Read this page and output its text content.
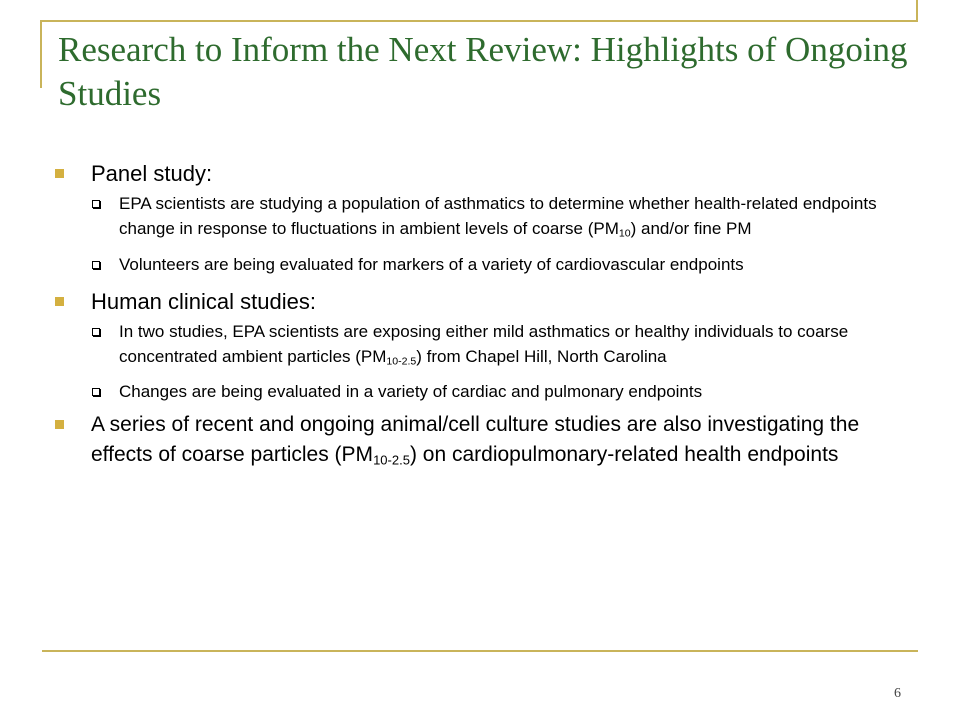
Research to Inform the Next Review: Highlights of Ongoing Studies
Panel study:
EPA scientists are studying a population of asthmatics to determine whether health-related endpoints change in response to fluctuations in ambient levels of coarse $(PM_{10})$ and/or fine PM
Volunteers are being evaluated for markers of a variety of cardiovascular endpoints
Human clinical studies:
In two studies, EPA scientists are exposing either mild asthmatics or healthy individuals to coarse concentrated ambient particles $(PM_{10-2.5})$ from Chapel Hill, North Carolina
Changes are being evaluated in a variety of cardiac and pulmonary endpoints
A series of recent and ongoing animal/cell culture studies are also investigating the effects of coarse particles $(PM_{10-2.5})$ on cardiopulmonary-related health endpoints
6
